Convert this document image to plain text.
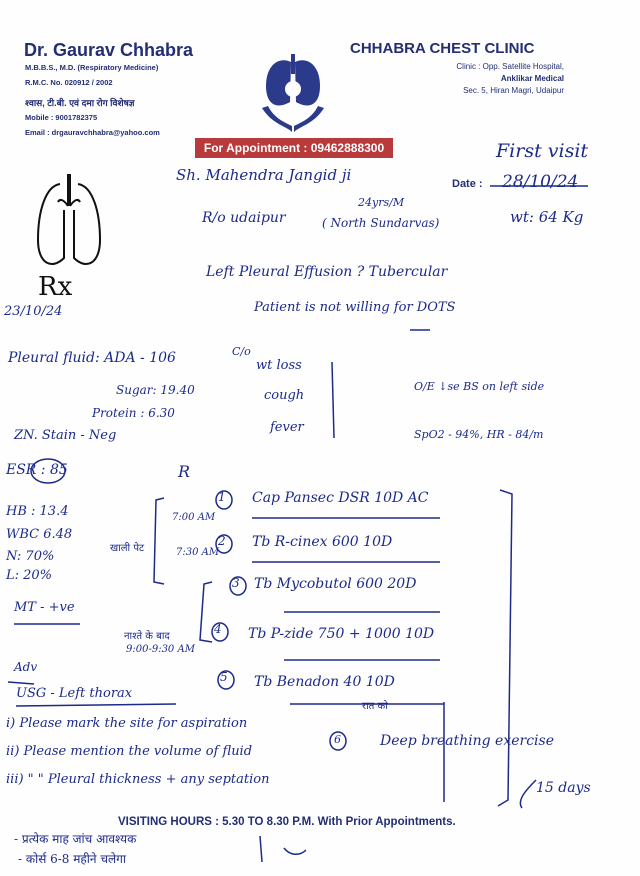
Dr. Gaurav Chhabra
M.B.B.S., M.D. (Respiratory Medicine)
R.M.C. No. 020912 / 2002
श्वास, टी.बी. एवं दमा रोग विशेषज्ञ
Mobile : 9001782375
Email : drgauravchhabra@yahoo.com
CHHABRA CHEST CLINIC
Clinic : Opp. Satellite Hospital,
Anklikar Medical
Sec. 5, Hiran Magri, Udaipur
For Appointment : 09462888300
Date :
Rx
VISITING HOURS : 5.30 TO 8.30 P.M. With Prior Appointments.
First visit
Sh. Mahendra Jangid ji	28/10/24
R/o udaipur
24yrs/M
( North Sundarvas)	wt: 64 Kg
Left Pleural Effusion ? Tubercular
Patient is not willing for DOTS
23/10/24
Pleural fluid: ADA - 106
Sugar: 19.40
Protein : 6.30
ZN. Stain - Neg
ESR : 85
HB : 13.4
WBC 6.48
N: 70%
L: 20%
MT - +ve
C/o
wt loss
cough
fever
O/E ↓se BS on left side
SpO2 - 94%, HR - 84/m
R
खाली पेट
नाश्ते के बाद
1 Cap Pansec DSR 10D AC
7:00 AM
2 Tb R-cinex 600 10D
7:30 AM
3 Tb Mycobutol 600 20D
4 Tb P-zide 750 + 1000 10D
9:00-9:30 AM
5 Tb Benadon 40 10D
रात को
Adv
USG - Left thorax
i) Please mark the site for aspiration
ii) Please mention the volume of fluid
iii) " " Pleural thickness + any septation
6	Deep breathing exercise
15 days
- प्रत्येक माह जांच आवश्यक
- कोर्स 6-8 महीने चलेगा
